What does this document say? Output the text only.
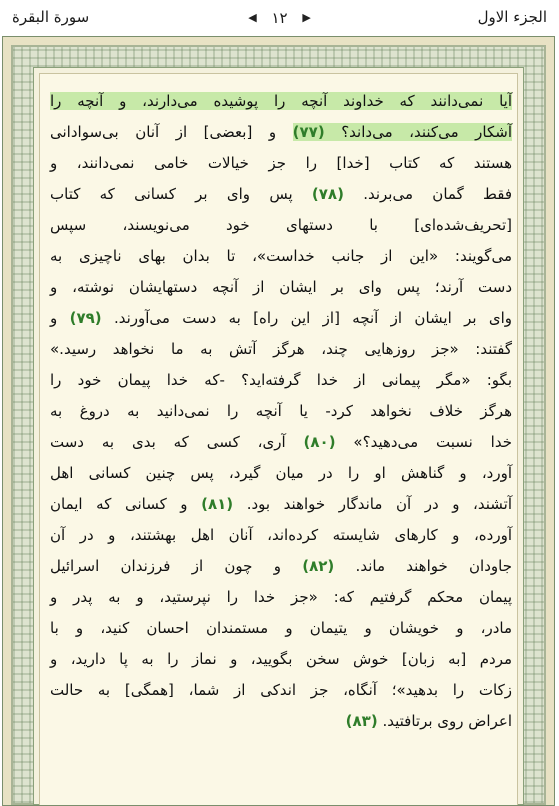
سورة البقرة	◀ ١٢ ▶	الجزء الاول
آیا نمی‌دانند که خداوند آنچه را پوشیده می‌دارند، و آنچه را
آشکار می‌کنند، می‌داند؟ (٧٧) و [بعضی] از آنان بی‌سوادانی
هستند که کتاب [خدا] را جز خیالات خامی نمی‌دانند، و
فقط گمان می‌برند. (٧٨) پس وای بر کسانی که کتاب
[تحریف‌شده‌ای] با دستهای خود می‌نویسند، سپس
می‌گویند: «این از جانب خداست»، تا بدان بهای ناچیزی به
دست آرند؛ پس وای بر ایشان از آنچه دستهایشان نوشته، و
وای بر ایشان از آنچه [از این راه] به دست می‌آورند. (٧٩) و
گفتند: «جز روزهایی چند، هرگز آتش به ما نخواهد رسید.»
بگو: «مگر پیمانی از خدا گرفته‌اید؟ -که خدا پیمان خود را
هرگز خلاف نخواهد کرد- یا آنچه را نمی‌دانید به دروغ به
خدا نسبت می‌دهید؟» (٨٠) آری، کسی که بدی به دست
آورد، و گناهش او را در میان گیرد، پس چنین کسانی اهل
آتشند، و در آن ماندگار خواهند بود. (٨١) و کسانی که ایمان
آورده، و کارهای شایسته کرده‌اند، آنان اهل بهشتند، و در آن
جاودان خواهند ماند. (٨٢) و چون از فرزندان اسرائیل
پیمان محکم گرفتیم که: «جز خدا را نپرستید، و به پدر و
مادر، و خویشان و یتیمان و مستمندان احسان کنید، و با
مردم [به زبان] خوش سخن بگویید، و نماز را به پا دارید، و
زکات را بدهید»؛ آنگاه، جز اندکی از شما، [همگی] به حالت
اعراض روی برتافتید. (٨٣)
